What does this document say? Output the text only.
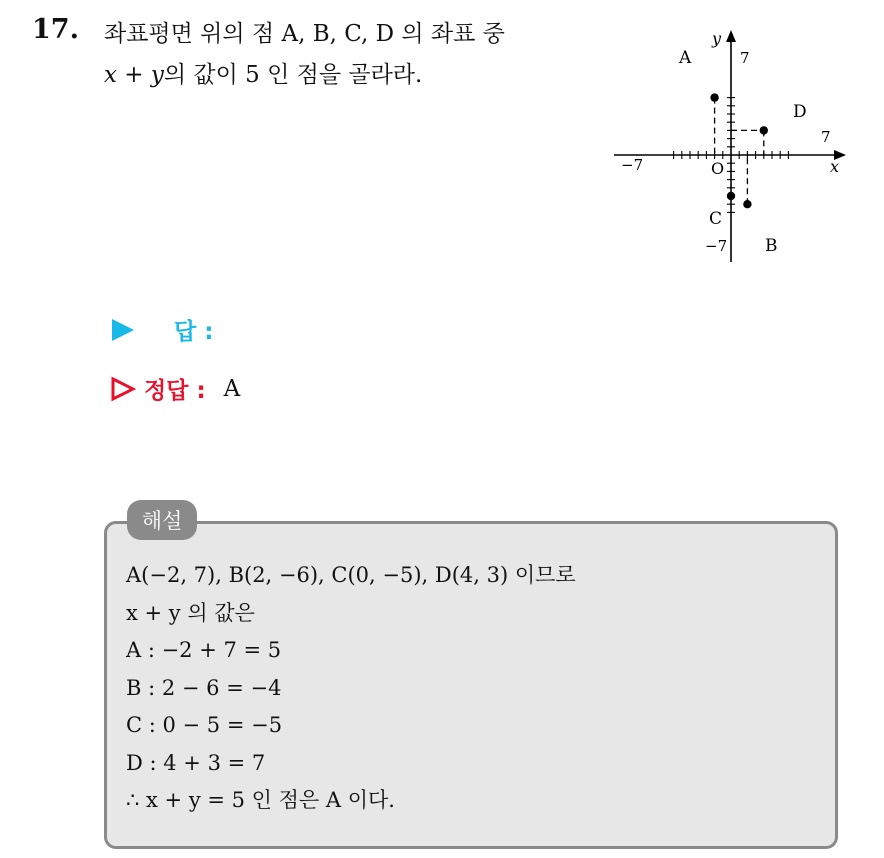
17. 좌표평면 위의 점 A, B, C, D 의 좌표 중
x + y의 값이 5 인 점을 골라라.
y
x
O
−7
7
7
−7
A
B
C
D
답 :
정답 : A
해설
A(−2, 7), B(2, −6), C(0, −5), D(4, 3) 이므로
x + y 의 값은
A : −2 + 7 = 5
B : 2 − 6 = −4
C : 0 − 5 = −5
D : 4 + 3 = 7
∴ x + y = 5 인 점은 A 이다.
